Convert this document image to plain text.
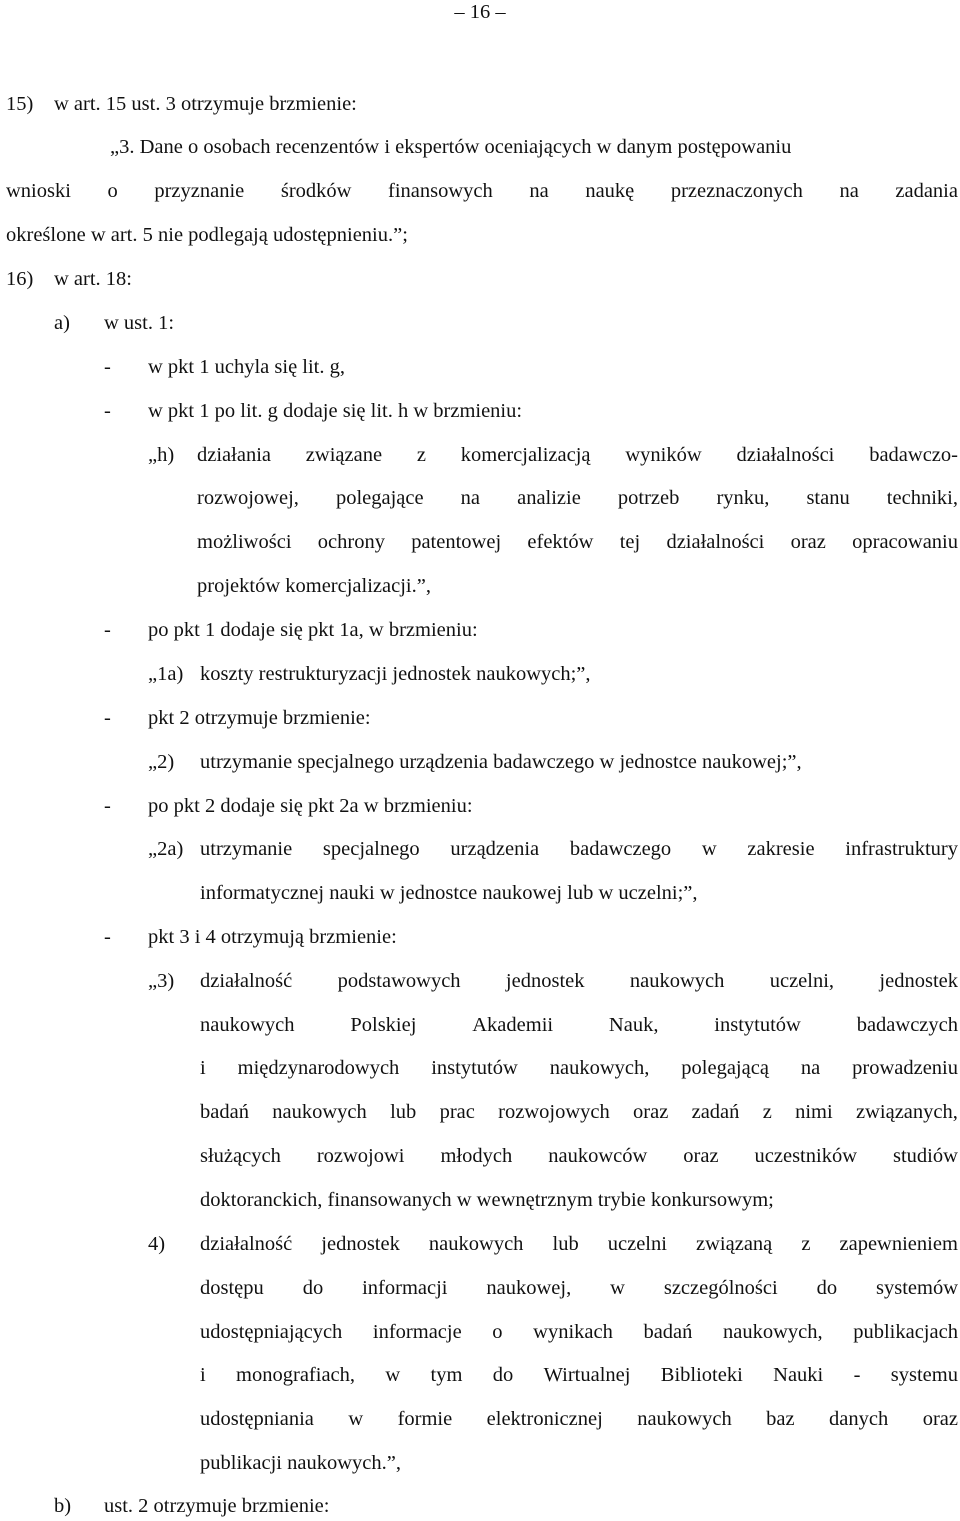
– 16 –
15) w art. 15 ust. 3 otrzymuje brzmienie:
„3. Dane o osobach recenzentów i ekspertów oceniających w danym postępowaniu
wnioski o przyznanie środków finansowych na naukę przeznaczonych na zadania
określone w art. 5 nie podlegają udostępnieniu.”;
16) w art. 18:
a) w ust. 1:
- w pkt 1 uchyla się lit. g,
- w pkt 1 po lit. g dodaje się lit. h w brzmieniu:
„h) działania związane z komercjalizacją wyników działalności badawczo-
rozwojowej, polegające na analizie potrzeb rynku, stanu techniki,
możliwości ochrony patentowej efektów tej działalności oraz opracowaniu
projektów komercjalizacji.”,
- po pkt 1 dodaje się pkt 1a, w brzmieniu:
„1a) koszty restrukturyzacji jednostek naukowych;”,
- pkt 2 otrzymuje brzmienie:
„2) utrzymanie specjalnego urządzenia badawczego w jednostce naukowej;”,
- po pkt 2 dodaje się pkt 2a w brzmieniu:
„2a) utrzymanie specjalnego urządzenia badawczego w zakresie infrastruktury
informatycznej nauki w jednostce naukowej lub w uczelni;”,
- pkt 3 i 4 otrzymują brzmienie:
„3) działalność podstawowych jednostek naukowych uczelni, jednostek
naukowych	Polskiej	Akademii	Nauk,	instytutów	badawczych
i międzynarodowych instytutów naukowych, polegającą na prowadzeniu
badań naukowych lub prac rozwojowych oraz zadań z nimi związanych,
służących rozwojowi młodych naukowców oraz uczestników studiów
doktoranckich, finansowanych w wewnętrznym trybie konkursowym;
4) działalność jednostek naukowych lub uczelni związaną z zapewnieniem
dostępu do informacji naukowej, w szczególności do systemów
udostępniających informacje o wynikach badań naukowych, publikacjach
i monografiach, w tym do Wirtualnej Biblioteki Nauki - systemu
udostępniania w formie elektronicznej naukowych baz danych oraz
publikacji naukowych.”,
b) ust. 2 otrzymuje brzmienie:
